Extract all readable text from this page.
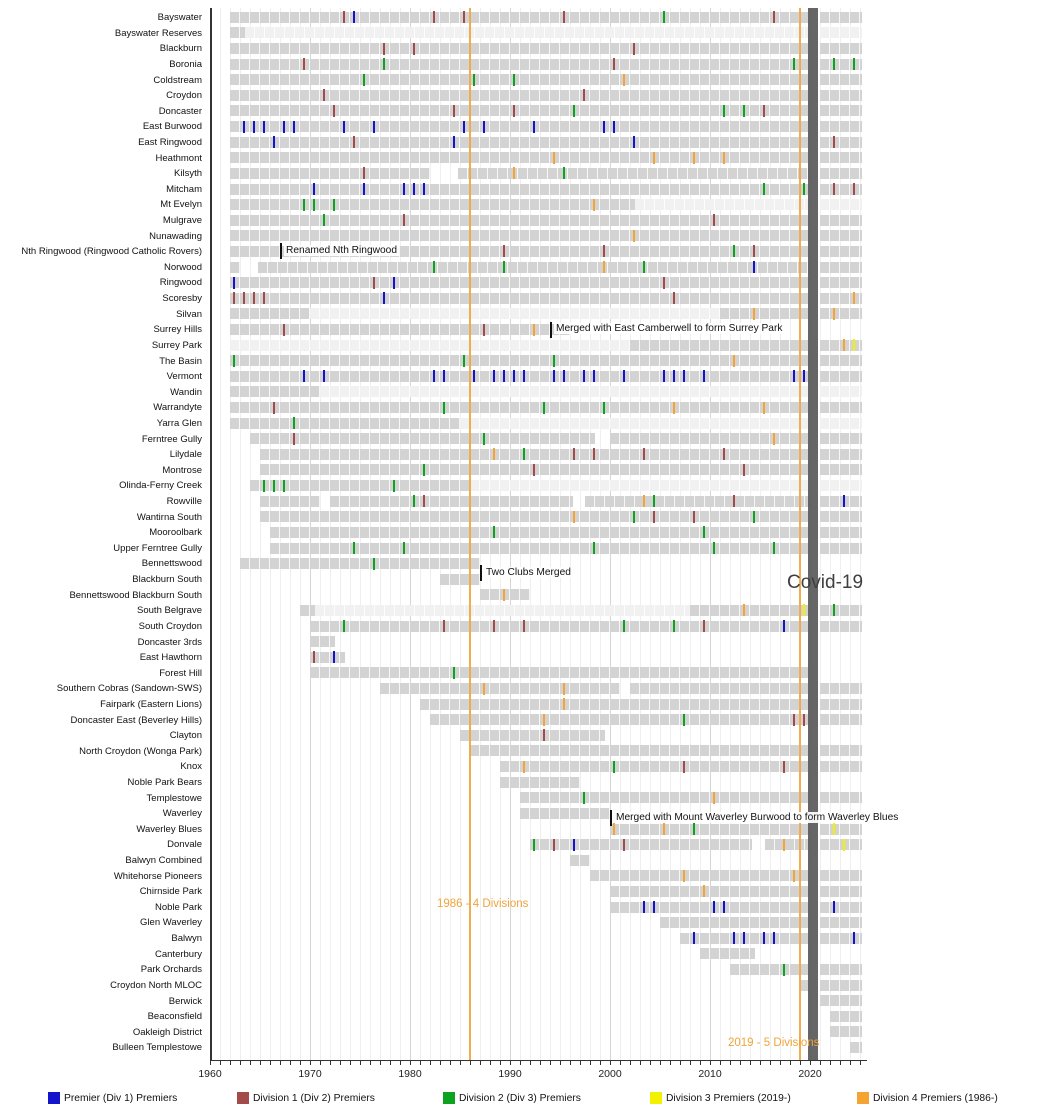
1960	1970	1980	1990	2000	2010	2020
1986 - 4 Divisions
2019 - 5 Divisions
Bayswater
Bayswater Reserves
Blackburn
Boronia
Coldstream
Croydon
Doncaster
East Burwood
East Ringwood
Heathmont
Kilsyth
Mitcham
Mt Evelyn
Mulgrave
Nunawading
Nth Ringwood (Ringwood Catholic Rovers)
Norwood
Ringwood
Scoresby
Silvan
Surrey Hills
Surrey Park
The Basin
Vermont
Wandin
Warrandyte
Yarra Glen
Ferntree Gully
Lilydale
Montrose
Olinda-Ferny Creek
Rowville
Wantirna South
Mooroolbark
Upper Ferntree Gully
Bennettswood
Blackburn South
Bennettswood Blackburn South
South Belgrave
South Croydon
Doncaster 3rds
East Hawthorn
Forest Hill
Southern Cobras (Sandown-SWS)
Fairpark (Eastern Lions)
Doncaster East (Beverley Hills)
Clayton
North Croydon (Wonga Park)
Knox
Noble Park Bears
Templestowe
Waverley
Waverley Blues
Donvale
Balwyn Combined
Whitehorse Pioneers
Chirnside Park
Noble Park
Glen Waverley
Balwyn
Canterbury
Park Orchards
Croydon North MLOC
Berwick
Beaconsfield
Oakleigh District
Bulleen Templestowe
Covid-19
Renamed Nth Ringwood
Merged with East Camberwell to form Surrey Park
Two Clubs Merged
Merged with Mount Waverley Burwood to form Waverley Blues
Premier (Div 1) Premiers	Division 1 (Div 2) Premiers	Division 2 (Div 3) Premiers	Division 3 Premiers (2019-)	Division 4 Premiers (1986-)
